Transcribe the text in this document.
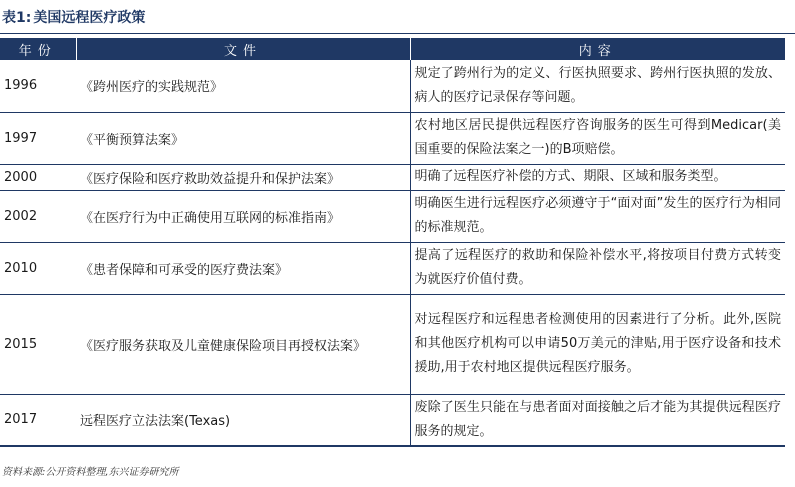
表1: 美国远程医疗政策
年份	文件	内容
1996	《跨州医疗的实践规范》	规定了跨州行为的定义、行医执照要求、跨州行医执照的发放、病人的医疗记录保存等问题。
1997	《平衡预算法案》	农村地区居民提供远程医疗咨询服务的医生可得到Medicar(美国重要的保险法案之一)的B项赔偿。
2000	《医疗保险和医疗救助效益提升和保护法案》	明确了远程医疗补偿的方式、期限、区域和服务类型。
2002	《在医疗行为中正确使用互联网的标准指南》	明确医生进行远程医疗必须遵守于“面对面”发生的医疗行为相同的标准规范。
2010	《患者保障和可承受的医疗费法案》	提高了远程医疗的救助和保险补偿水平,将按项目付费方式转变为就医疗价值付费。
2015	《医疗服务获取及儿童健康保险项目再授权法案》	对远程医疗和远程患者检测使用的因素进行了分析。此外,医院和其他医疗机构可以申请50万美元的津贴,用于医疗设备和技术援助,用于农村地区提供远程医疗服务。
2017	远程医疗立法法案(Texas)	废除了医生只能在与患者面对面接触之后才能为其提供远程医疗服务的规定。
资料来源:公开资料整理,东兴证券研究所
